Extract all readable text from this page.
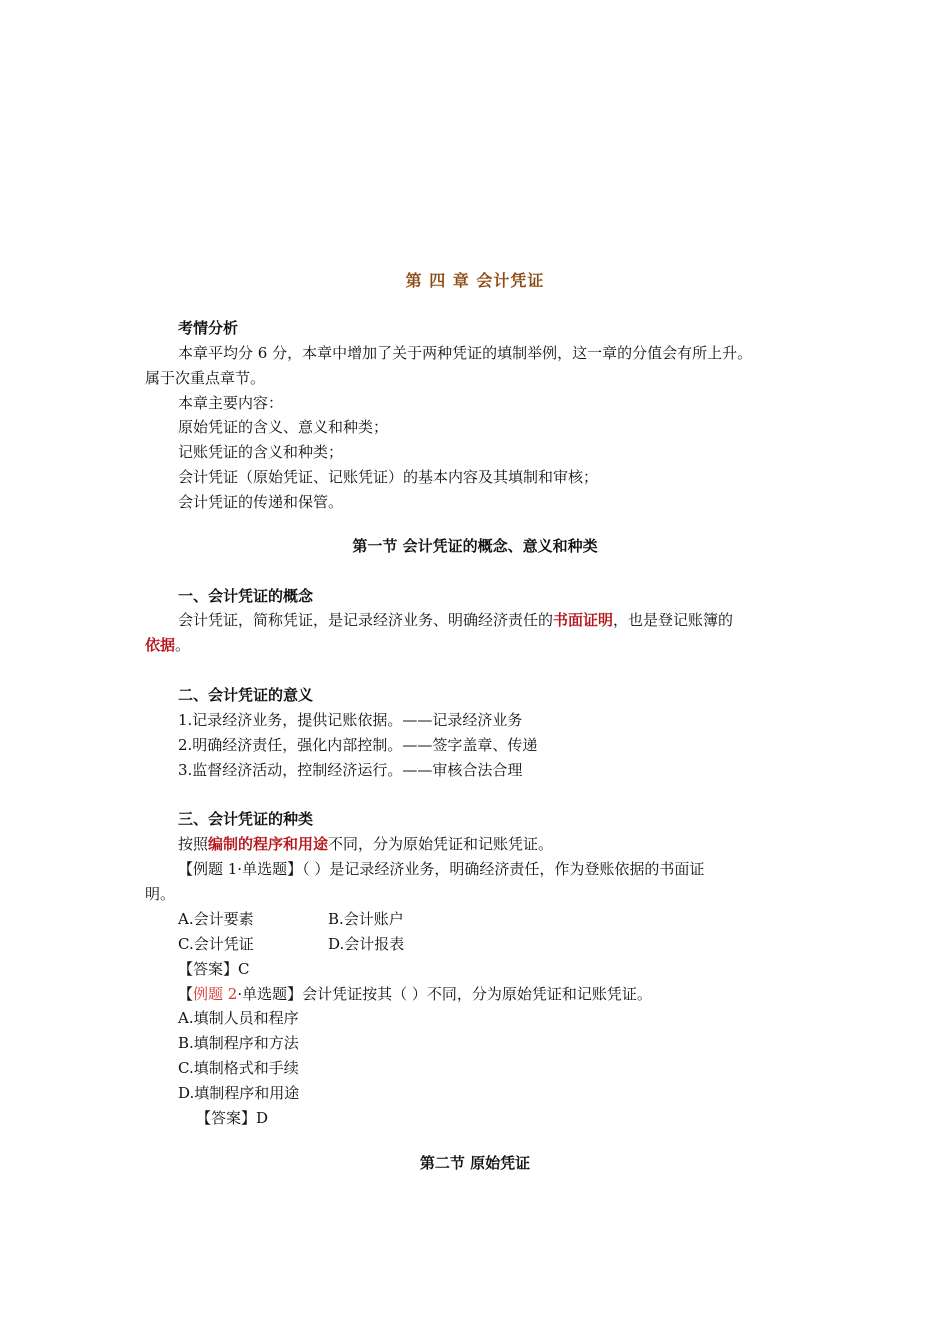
第 四 章 会计凭证
考情分析
本章平均分 6 分，本章中增加了关于两种凭证的填制举例，这一章的分值会有所上升。
属于次重点章节。
本章主要内容：
原始凭证的含义、意义和种类；
记账凭证的含义和种类；
会计凭证（原始凭证、记账凭证）的基本内容及其填制和审核；
会计凭证的传递和保管。
第一节 会计凭证的概念、意义和种类
一、会计凭证的概念
会计凭证，简称凭证，是记录经济业务、明确经济责任的书面证明，也是登记账簿的
依据。
二、会计凭证的意义
1.记录经济业务，提供记账依据。——记录经济业务
2.明确经济责任，强化内部控制。——签字盖章、传递
3.监督经济活动，控制经济运行。——审核合法合理
三、会计凭证的种类
按照编制的程序和用途不同，分为原始凭证和记账凭证。
【例题 1·单选题】（ ）是记录经济业务，明确经济责任，作为登账依据的书面证
明。
A.会计要素	B.会计账户
C.会计凭证	D.会计报表
【答案】C
【例题 2·单选题】会计凭证按其（ ）不同，分为原始凭证和记账凭证。
A.填制人员和程序
B.填制程序和方法
C.填制格式和手续
D.填制程序和用途
【答案】D
第二节 原始凭证
